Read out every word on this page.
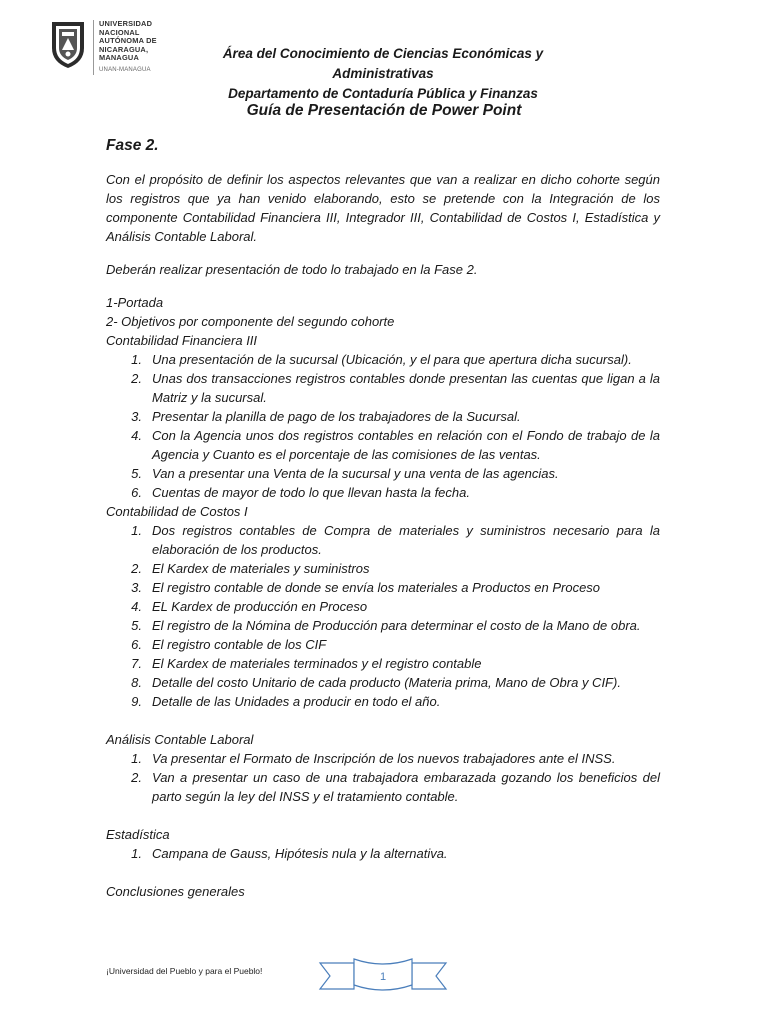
UNIVERSIDAD
NACIONAL
AUTÓNOMA DE
NICARAGUA,
MANAGUA
UNAN-MANAGUA
Área del Conocimiento de Ciencias Económicas y Administrativas
Departamento de Contaduría Pública y Finanzas
Guía de Presentación de Power Point

Fase 2.

Con el propósito de definir los aspectos relevantes que van a realizar en dicho cohorte según los registros que ya han venido elaborando, esto se pretende con la Integración de los componente Contabilidad Financiera III, Integrador III, Contabilidad de Costos I, Estadística y Análisis Contable Laboral.

Deberán realizar presentación de todo lo trabajado en la Fase 2.

1-Portada

2- Objetivos por componente del segundo cohorte

Contabilidad Financiera III

1. Una presentación de la sucursal (Ubicación, y el para que apertura dicha sucursal).
2. Unas dos transacciones registros contables donde presentan las cuentas que ligan a la Matriz y la sucursal.
3. Presentar la planilla de pago de los trabajadores de la Sucursal.
4. Con la Agencia unos dos registros contables en relación con el Fondo de trabajo de la Agencia y Cuanto es el porcentaje de las comisiones de las ventas.
5. Van a presentar una Venta de la sucursal y una venta de las agencias.
6. Cuentas de mayor de todo lo que llevan hasta la fecha.

Contabilidad de Costos I

1. Dos registros contables de Compra de materiales y suministros necesario para la elaboración de los productos.
2. El Kardex de materiales y suministros
3. El registro contable de donde se envía los materiales a Productos en Proceso
4. EL Kardex de producción en Proceso
5. El registro de la Nómina de Producción para determinar el costo de la Mano de obra.
6. El registro contable de los CIF
7. El Kardex de materiales terminados y el registro contable
8. Detalle del costo Unitario de cada producto (Materia prima, Mano de Obra y CIF).
9. Detalle de las Unidades a producir en todo el año.

Análisis Contable Laboral

1. Va presentar el Formato de Inscripción de los nuevos trabajadores ante el INSS.
2. Van a presentar un caso de una trabajadora embarazada gozando los beneficios del parto según la ley del INSS y el tratamiento contable.

Estadística

1. Campana de Gauss, Hipótesis nula y la alternativa.

Conclusiones generales

¡Universidad del Pueblo y para el Pueblo!	1
